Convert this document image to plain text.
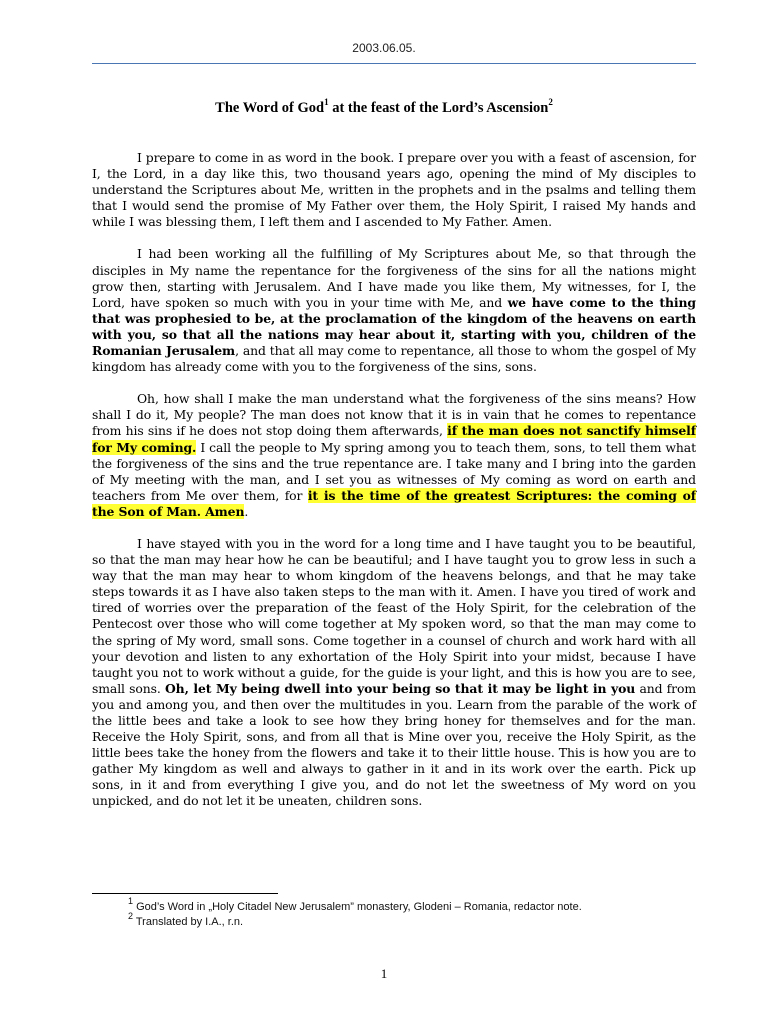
2003.06.05.
The Word of God$^1$ at the feast of the Lord’s Ascension$^2$

I prepare to come in as word in the book. I prepare over you with a feast of ascension, for I, the Lord, in a day like this, two thousand years ago, opening the mind of My disciples to understand the Scriptures about Me, written in the prophets and in the psalms and telling them that I would send the promise of My Father over them, the Holy Spirit, I raised My hands and while I was blessing them, I left them and I ascended to My Father. Amen.

I had been working all the fulfilling of My Scriptures about Me, so that through the disciples in My name the repentance for the forgiveness of the sins for all the nations might grow then, starting with Jerusalem. And I have made you like them, My witnesses, for I, the Lord, have spoken so much with you in your time with Me, and we have come to the thing that was prophesied to be, at the proclamation of the kingdom of the heavens on earth with you, so that all the nations may hear about it, starting with you, children of the Romanian Jerusalem, and that all may come to repentance, all those to whom the gospel of My kingdom has already come with you to the forgiveness of the sins, sons.

Oh, how shall I make the man understand what the forgiveness of the sins means? How shall I do it, My people? The man does not know that it is in vain that he comes to repentance from his sins if he does not stop doing them afterwards, if the man does not sanctify himself for My coming. I call the people to My spring among you to teach them, sons, to tell them what the forgiveness of the sins and the true repentance are. I take many and I bring into the garden of My meeting with the man, and I set you as witnesses of My coming as word on earth and teachers from Me over them, for it is the time of the greatest Scriptures: the coming of the Son of Man. Amen.

I have stayed with you in the word for a long time and I have taught you to be beautiful, so that the man may hear how he can be beautiful; and I have taught you to grow less in such a way that the man may hear to whom kingdom of the heavens belongs, and that he may take steps towards it as I have also taken steps to the man with it. Amen. I have you tired of work and tired of worries over the preparation of the feast of the Holy Spirit, for the celebration of the Pentecost over those who will come together at My spoken word, so that the man may come to the spring of My word, small sons. Come together in a counsel of church and work hard with all your devotion and listen to any exhortation of the Holy Spirit into your midst, because I have taught you not to work without a guide, for the guide is your light, and this is how you are to see, small sons. Oh, let My being dwell into your being so that it may be light in you and from you and among you, and then over the multitudes in you. Learn from the parable of the work of the little bees and take a look to see how they bring honey for themselves and for the man. Receive the Holy Spirit, sons, and from all that is Mine over you, receive the Holy Spirit, as the little bees take the honey from the flowers and take it to their little house. This is how you are to gather My kingdom as well and always to gather in it and in its work over the earth. Pick up sons, in it and from everything I give you, and do not let the sweetness of My word on you unpicked, and do not let it be uneaten, children sons.

$^1$ God’s Word in „Holy Citadel New Jerusalem” monastery, Glodeni – Romania, redactor note.
$^2$ Translated by I.A., r.n.
1
